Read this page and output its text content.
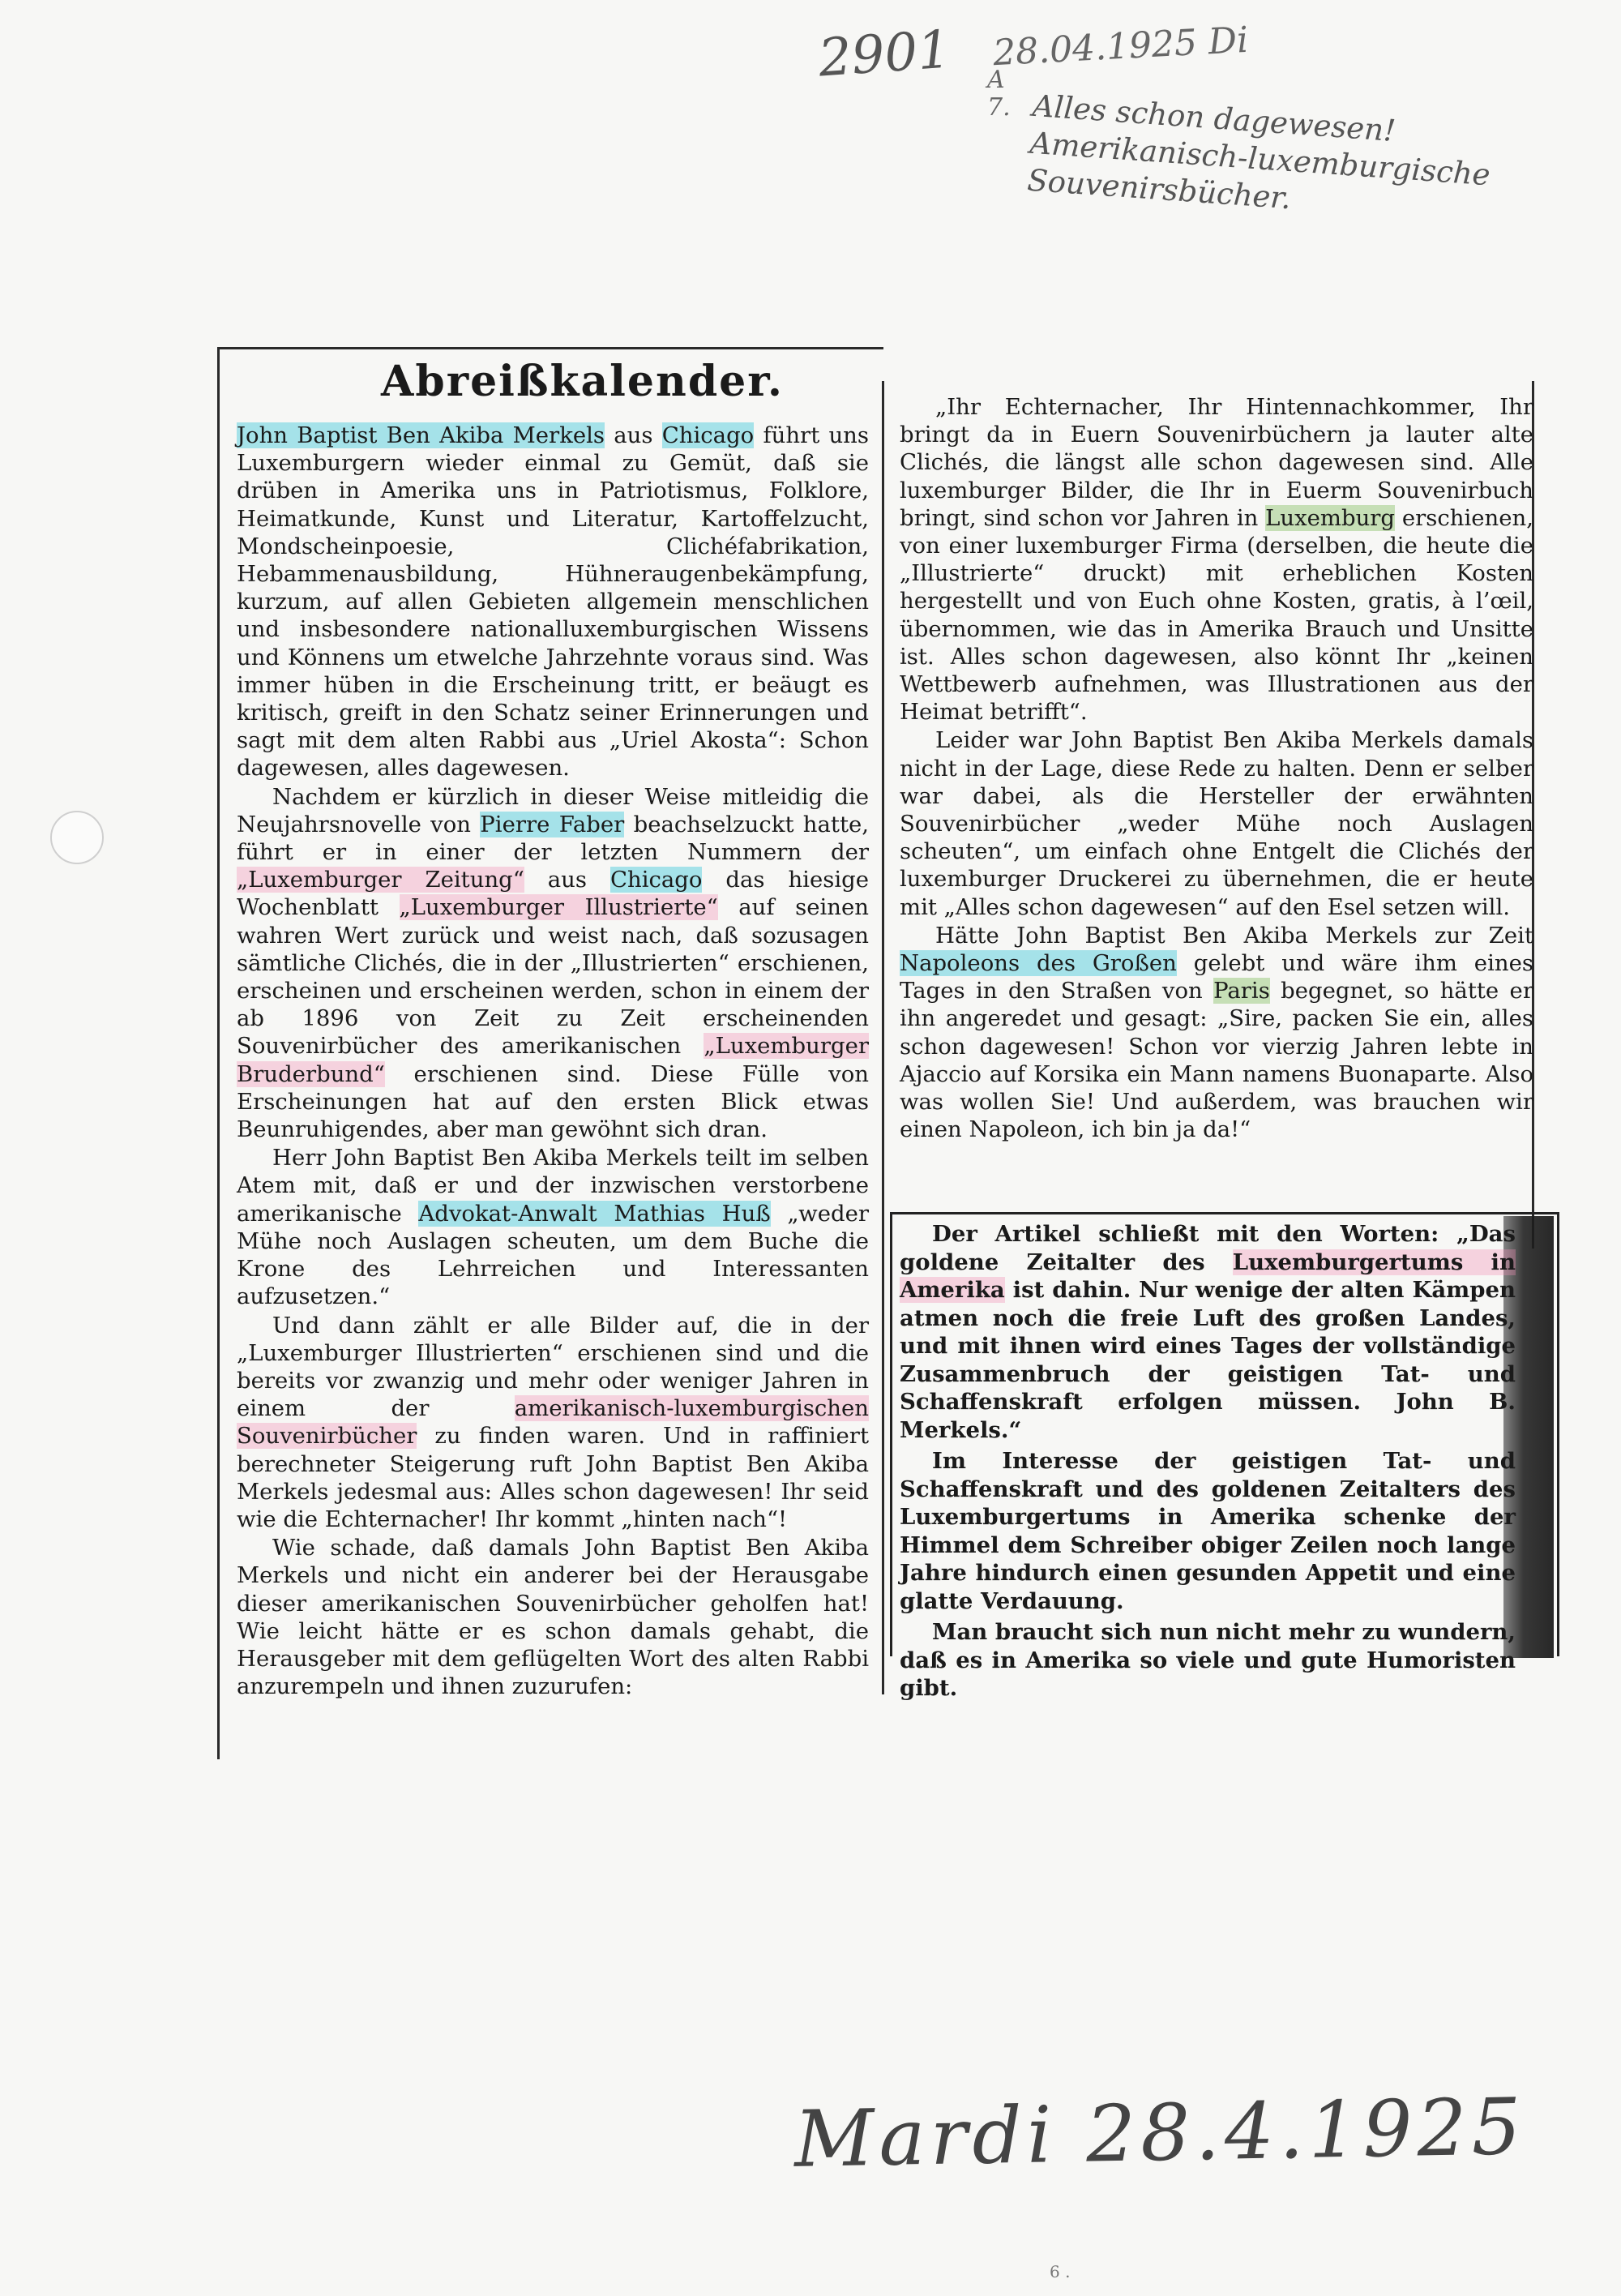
2901 28.04.1925 Di
A
7. Alles schon dagewesen! Amerikanisch-luxemburgische Souvenirsbücher.
Abreißkalender.

John Baptist Ben Akiba Merkels aus Chicago führt uns Luxemburgern wieder einmal zu Gemüt, daß sie drüben in Amerika uns in Patriotismus, Folklore, Heimatkunde, Kunst und Literatur, Kartoffelzucht, Mondscheinpoesie, Clichéfabrikation, Hebammenausbildung, Hühneraugenbekämpfung, kurzum, auf allen Gebieten allgemein menschlichen und insbesondere nationalluxemburgischen Wissens und Könnens um etwelche Jahrzehnte voraus sind. Was immer hüben in die Erscheinung tritt, er beäugt es kritisch, greift in den Schatz seiner Erinnerungen und sagt mit dem alten Rabbi aus „Uriel Akosta“: Schon dagewesen, alles dagewesen.

Nachdem er kürzlich in dieser Weise mitleidig die Neujahrsnovelle von Pierre Faber beachselzuckt hatte, führt er in einer der letzten Nummern der „Luxemburger Zeitung“ aus Chicago das hiesige Wochenblatt „Luxemburger Illustrierte“ auf seinen wahren Wert zurück und weist nach, daß sozusagen sämtliche Clichés, die in der „Illustrierten“ erschienen, erscheinen und erscheinen werden, schon in einem der ab 1896 von Zeit zu Zeit erscheinenden Souvenirbücher des amerikanischen „Luxemburger Bruderbund“ erschienen sind. Diese Fülle von Erscheinungen hat auf den ersten Blick etwas Beunruhigendes, aber man gewöhnt sich dran.

Herr John Baptist Ben Akiba Merkels teilt im selben Atem mit, daß er und der inzwischen verstorbene amerikanische Advokat-Anwalt Mathias Huß „weder Mühe noch Auslagen scheuten, um dem Buche die Krone des Lehrreichen und Interessanten aufzusetzen.“

Und dann zählt er alle Bilder auf, die in der „Luxemburger Illustrierten“ erschienen sind und die bereits vor zwanzig und mehr oder weniger Jahren in einem der amerikanisch-luxemburgischen Souvenirbücher zu finden waren. Und in raffiniert berechneter Steigerung ruft John Baptist Ben Akiba Merkels jedesmal aus: Alles schon dagewesen! Ihr seid wie die Echternacher! Ihr kommt „hinten nach“!

Wie schade, daß damals John Baptist Ben Akiba Merkels und nicht ein anderer bei der Herausgabe dieser amerikanischen Souvenirbücher geholfen hat! Wie leicht hätte er es schon damals gehabt, die Herausgeber mit dem geflügelten Wort des alten Rabbi anzurempeln und ihnen zuzurufen:

„Ihr Echternacher, Ihr Hintennachkommer, Ihr bringt da in Euern Souvenirbüchern ja lauter alte Clichés, die längst alle schon dagewesen sind. Alle luxemburger Bilder, die Ihr in Euerm Souvenirbuch bringt, sind schon vor Jahren in Luxemburg erschienen, von einer luxemburger Firma (derselben, die heute die „Illustrierte“ druckt) mit erheblichen Kosten hergestellt und von Euch ohne Kosten, gratis, à l’œil, übernommen, wie das in Amerika Brauch und Unsitte ist. Alles schon dagewesen, also könnt Ihr „keinen Wettbewerb aufnehmen, was Illustrationen aus der Heimat betrifft“.

Leider war John Baptist Ben Akiba Merkels damals nicht in der Lage, diese Rede zu halten. Denn er selber war dabei, als die Hersteller der erwähnten Souvenirbücher „weder Mühe noch Auslagen scheuten“, um einfach ohne Entgelt die Clichés der luxemburger Druckerei zu übernehmen, die er heute mit „Alles schon dagewesen“ auf den Esel setzen will.

Hätte John Baptist Ben Akiba Merkels zur Zeit Napoleons des Großen gelebt und wäre ihm eines Tages in den Straßen von Paris begegnet, so hätte er ihn angeredet und gesagt: „Sire, packen Sie ein, alles schon dagewesen! Schon vor vierzig Jahren lebte in Ajaccio auf Korsika ein Mann namens Buonaparte. Also was wollen Sie! Und außerdem, was brauchen wir einen Napoleon, ich bin ja da!“

Der Artikel schließt mit den Worten: „Das goldene Zeitalter des Luxemburgertums in Amerika ist dahin. Nur wenige der alten Kämpen atmen noch die freie Luft des großen Landes, und mit ihnen wird eines Tages der vollständige Zusammenbruch der geistigen Tat- und Schaffenskraft erfolgen müssen. John B. Merkels.“

Im Interesse der geistigen Tat- und Schaffenskraft und des goldenen Zeitalters des Luxemburgertums in Amerika schenke der Himmel dem Schreiber obiger Zeilen noch lange Jahre hindurch einen gesunden Appetit und eine glatte Verdauung.

Man braucht sich nun nicht mehr zu wundern, daß es in Amerika so viele und gute Humoristen gibt.

Mardi 28.4.1925
6 .
